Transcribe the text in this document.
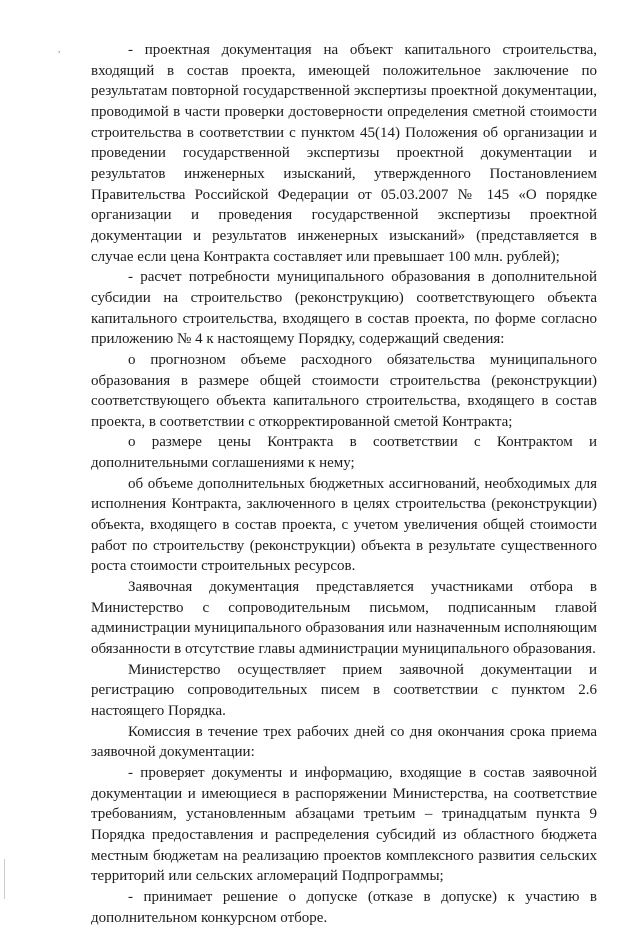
,	- проектная документация на объект капитального строительства, входящий в состав проекта, имеющей положительное заключение по результатам повторной государственной экспертизы проектной документации, проводимой в части проверки достоверности определения сметной стоимости строительства в соответствии с пунктом 45(14) Положения об организации и проведении государственной экспертизы проектной документации и результатов инженерных изысканий, утвержденного Постановлением Правительства Российской Федерации от 05.03.2007 № 145 «О порядке организации и проведения государственной экспертизы проектной документации и результатов инженерных изысканий» (представляется в случае если цена Контракта составляет или превышает 100 млн. рублей);

- расчет потребности муниципального образования в дополнительной субсидии на строительство (реконструкцию) соответствующего объекта капитального строительства, входящего в состав проекта, по форме согласно приложению № 4 к настоящему Порядку, содержащий сведения:

о прогнозном объеме расходного обязательства муниципального образования в размере общей стоимости строительства (реконструкции) соответствующего объекта капитального строительства, входящего в состав проекта, в соответствии с откорректированной сметой Контракта;

о размере цены Контракта в соответствии с Контрактом и дополнительными соглашениями к нему;

об объеме дополнительных бюджетных ассигнований, необходимых для исполнения Контракта, заключенного в целях строительства (реконструкции) объекта, входящего в состав проекта, с учетом увеличения общей стоимости работ по строительству (реконструкции) объекта в результате существенного роста стоимости строительных ресурсов.

Заявочная документация представляется участниками отбора в Министерство с сопроводительным письмом, подписанным главой администрации муниципального образования или назначенным исполняющим обязанности в отсутствие главы администрации муниципального образования.

Министерство осуществляет прием заявочной документации и регистрацию сопроводительных писем в соответствии с пунктом 2.6 настоящего Порядка.

Комиссия в течение трех рабочих дней со дня окончания срока приема заявочной документации:

- проверяет документы и информацию, входящие в состав заявочной документации и имеющиеся в распоряжении Министерства, на соответствие требованиям, установленным абзацами третьим – тринадцатым пункта 9 Порядка предоставления и распределения субсидий из областного бюджета местным бюджетам на реализацию проектов комплексного развития сельских территорий или сельских агломераций Подпрограммы;

- принимает решение о допуске (отказе в допуске) к участию в дополнительном конкурсном отборе.
